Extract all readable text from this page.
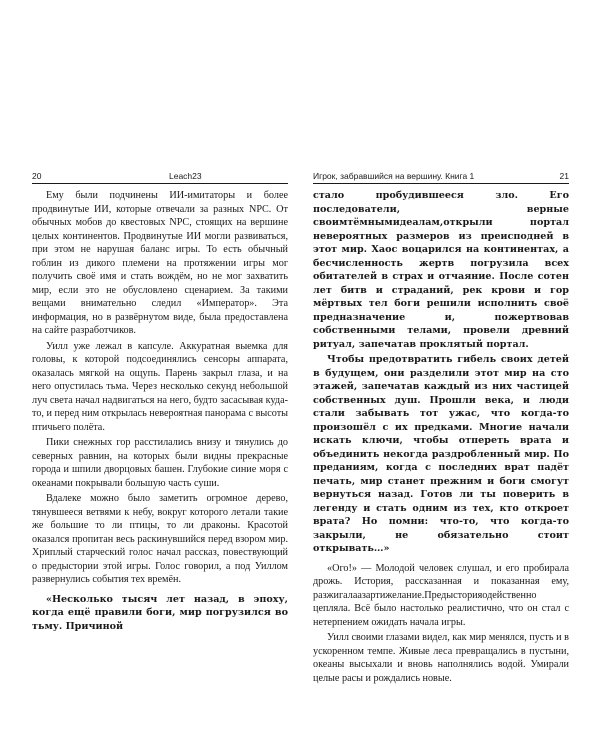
20	Leach23

Ему были подчинены ИИ-имитаторы и более продвинутые ИИ, которые отвечали за разных NPC. От обычных мобов до квестовых NPC, стоящих на вершине целых континентов. Продвинутые ИИ могли развиваться, при этом не нарушая баланс игры. То есть обычный гоблин из дикого племени на протяжении игры мог получить своё имя и стать вождём, но не мог захватить мир, если это не обусловлено сценарием. За такими вещами внимательно следил «Император». Эта информация, но в развёрнутом виде, была предоставлена на сайте разработчиков.

Уилл уже лежал в капсуле. Аккуратная выемка для головы, к которой подсоединялись сенсоры аппарата, оказалась мягкой на ощупь. Парень закрыл глаза, и на него опустилась тьма. Через несколько секунд небольшой луч света начал надвигаться на него, будто засасывая куда-то, и перед ним открылась невероятная панорама с высоты птичьего полёта.

Пики снежных гор расстилались внизу и тянулись до северных равнин, на которых были видны прекрасные города и шпили дворцовых башен. Глубокие синие моря с океанами покрывали большую часть суши.

Вдалеке можно было заметить огромное дерево, тянувшееся ветвями к небу, вокруг которого летали такие же большие то ли птицы, то ли драконы. Красотой оказался пропитан весь раскинувшийся перед взором мир. Хриплый старческий голос начал рассказ, повествующий о предыстории этой игры. Голос говорил, а под Уиллом развернулись события тех времён.

«Несколько тысяч лет назад, в эпоху, когда ещё правили боги, мир погрузился во тьму. Причиной

Игрок, забравшийся на вершину. Книга 1	21

стало пробудившееся зло. Его последователи, верные своимтёмнымидеалам,открыли портал невероятных размеров из преисподней в этот мир. Хаос воцарился на континентах, а бесчисленность жертв погрузила всех обитателей в страх и отчаяние. После сотен лет битв и страданий, рек крови и гор мёртвых тел боги решили исполнить своё предназначение и, пожертвовав собственными телами, провели древний ритуал, запечатав проклятый портал.

Чтобы предотвратить гибель своих детей в будущем, они разделили этот мир на сто этажей, запечатав каждый из них частицей собственных душ. Прошли века, и люди стали забывать тот ужас, что когда-то произошёл с их предками. Многие начали искать ключи, чтобы отпереть врата и объединить некогда раздробленный мир. По преданиям, когда с последних врат падёт печать, мир станет прежним и боги смогут вернуться назад. Готов ли ты поверить в легенду и стать одним из тех, кто откроет врата? Но помни: что-то, что когда-то закрыли, не обязательно стоит открывать…»

«Ого!» — Молодой человек слушал, и его пробирала дрожь. История, рассказанная и показанная ему, разжигалаазартижелание.Предысторияодейственно цепляла. Всё было настолько реалистично, что он стал с нетерпением ожидать начала игры.

Уилл своими глазами видел, как мир менялся, пусть и в ускоренном темпе. Живые леса превращались в пустыни, океаны высыхали и вновь наполнялись водой. Умирали целые расы и рождались новые.
